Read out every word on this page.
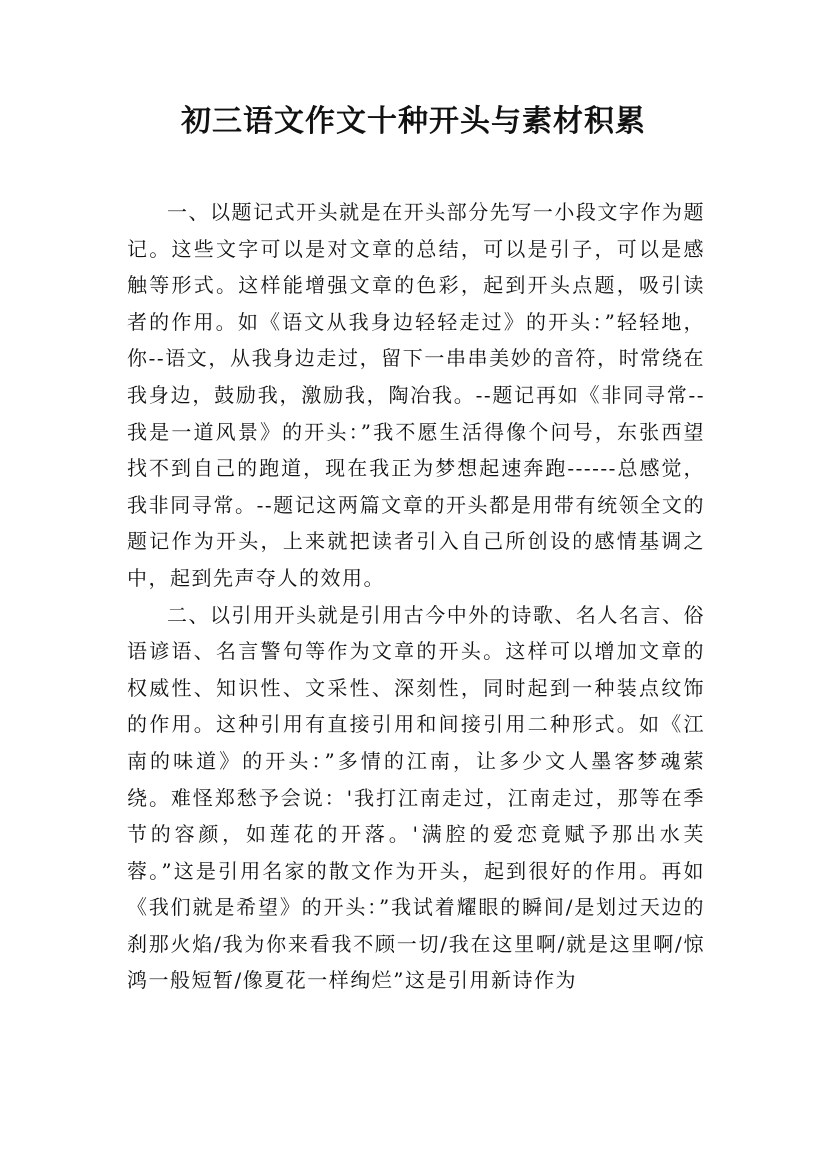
初三语文作文十种开头与素材积累

一、以题记式开头就是在开头部分先写一小段文字作为题记。这些文字可以是对文章的总结，可以是引子，可以是感触等形式。这样能增强文章的色彩，起到开头点题，吸引读者的作用。如《语文从我身边轻轻走过》的开头：”轻轻地，你--语文，从我身边走过，留下一串串美妙的音符，时常绕在我身边，鼓励我，激励我，陶冶我。--题记再如《非同寻常--我是一道风景》的开头：”我不愿生活得像个问号，东张西望找不到自己的跑道，现在我正为梦想起速奔跑------总感觉，我非同寻常。--题记这两篇文章的开头都是用带有统领全文的题记作为开头，上来就把读者引入自己所创设的感情基调之中，起到先声夺人的效用。

二、以引用开头就是引用古今中外的诗歌、名人名言、俗语谚语、名言警句等作为文章的开头。这样可以增加文章的权威性、知识性、文采性、深刻性，同时起到一种装点纹饰的作用。这种引用有直接引用和间接引用二种形式。如《江南的味道》的开头：”多情的江南，让多少文人墨客梦魂萦绕。难怪郑愁予会说：'我打江南走过，江南走过，那等在季节的容颜，如莲花的开落。'满腔的爱恋竟赋予那出水芙蓉。”这是引用名家的散文作为开头，起到很好的作用。再如《我们就是希望》的开头：”我试着耀眼的瞬间/是划过天边的刹那火焰/我为你来看我不顾一切/我在这里啊/就是这里啊/惊鸿一般短暂/像夏花一样绚烂”这是引用新诗作为
